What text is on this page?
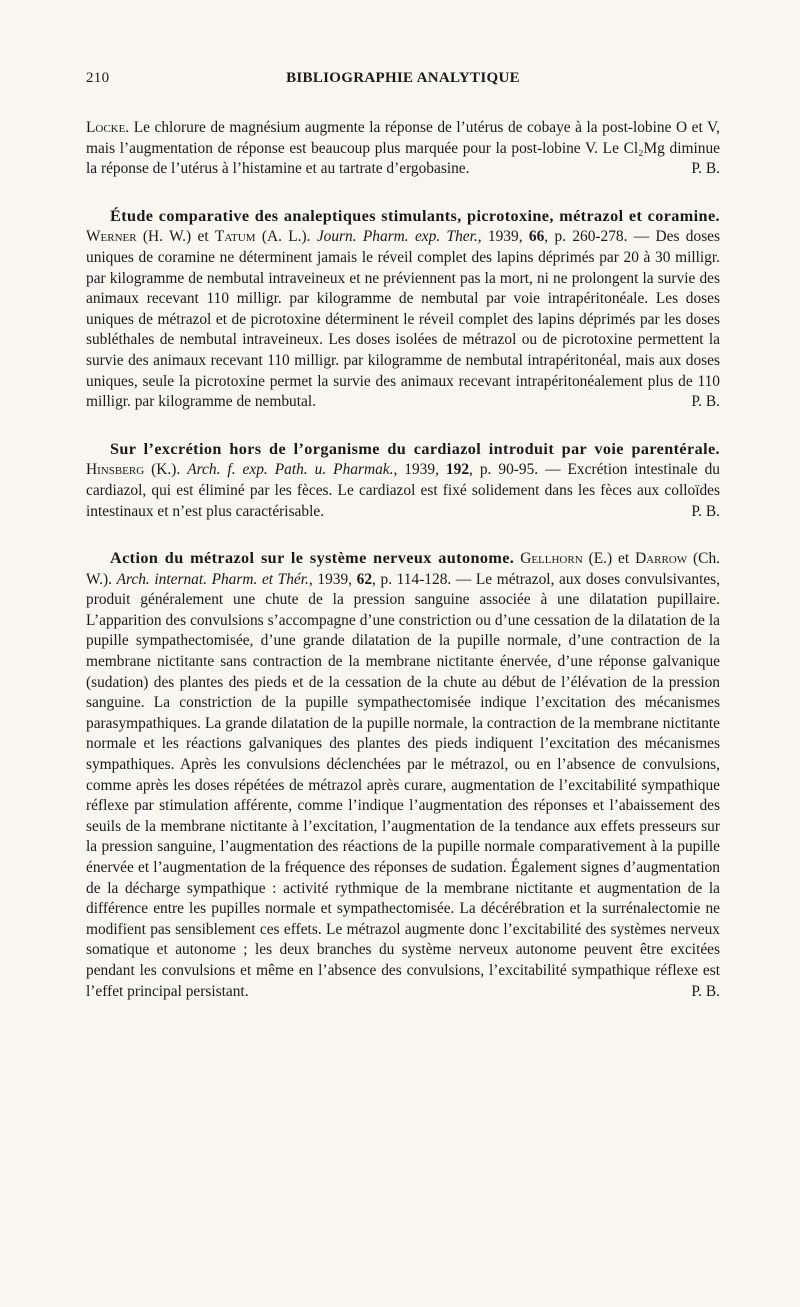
210	BIBLIOGRAPHIE ANALYTIQUE

Locke. Le chlorure de magnésium augmente la réponse de l’utérus de cobaye à la post-lobine O et V, mais l’augmentation de réponse est beaucoup plus marquée pour la post-lobine V. Le Cl₂Mg diminue la réponse de l’utérus à l’histamine et au tartrate d’ergobasine.	P. B.

Étude comparative des analeptiques stimulants, picrotoxine, métrazol et coramine. Werner (H. W.) et Tatum (A. L.). Journ. Pharm. exp. Ther., 1939, 66, p. 260-278. — Des doses uniques de coramine ne déterminent jamais le réveil complet des lapins déprimés par 20 à 30 milligr. par kilogramme de nembutal intraveineux et ne préviennent pas la mort, ni ne prolongent la survie des animaux recevant 110 milligr. par kilogramme de nembutal par voie intrapéritonéale. Les doses uniques de métrazol et de picrotoxine déterminent le réveil complet des lapins déprimés par les doses subléthales de nembutal intraveineux. Les doses isolées de métrazol ou de picrotoxine permettent la survie des animaux recevant 110 milligr. par kilogramme de nembutal intrapéritonéal, mais aux doses uniques, seule la picrotoxine permet la survie des animaux recevant intrapéritonéalement plus de 110 milligr. par kilogramme de nembutal.	P. B.

Sur l’excrétion hors de l’organisme du cardiazol introduit par voie parentérale. Hinsberg (K.). Arch. f. exp. Path. u. Pharmak., 1939, 192, p. 90-95. — Excrétion intestinale du cardiazol, qui est éliminé par les fèces. Le cardiazol est fixé solidement dans les fèces aux colloïdes intestinaux et n’est plus caractérisable.	P. B.

Action du métrazol sur le système nerveux autonome. Gellhorn (E.) et Darrow (Ch. W.). Arch. internat. Pharm. et Thér., 1939, 62, p. 114-128. — Le métrazol, aux doses convulsivantes, produit généralement une chute de la pression sanguine associée à une dilatation pupillaire. L’apparition des convulsions s’accompagne d’une constriction ou d’une cessation de la dilatation de la pupille sympathectomisée, d’une grande dilatation de la pupille normale, d’une contraction de la membrane nictitante sans contraction de la membrane nictitante énervée, d’une réponse galvanique (sudation) des plantes des pieds et de la cessation de la chute au début de l’élévation de la pression sanguine. La constriction de la pupille sympathectomisée indique l’excitation des mécanismes parasympathiques. La grande dilatation de la pupille normale, la contraction de la membrane nictitante normale et les réactions galvaniques des plantes des pieds indiquent l’excitation des mécanismes sympathiques. Après les convulsions déclenchées par le métrazol, ou en l’absence de convulsions, comme après les doses répétées de métrazol après curare, augmentation de l’excitabilité sympathique réflexe par stimulation afférente, comme l’indique l’augmentation des réponses et l’abaissement des seuils de la membrane nictitante à l’excitation, l’augmentation de la tendance aux effets presseurs sur la pression sanguine, l’augmentation des réactions de la pupille normale comparativement à la pupille énervée et l’augmentation de la fréquence des réponses de sudation. Également signes d’augmentation de la décharge sympathique : activité rythmique de la membrane nictitante et augmentation de la différence entre les pupilles normale et sympathectomisée. La décérébration et la surrénalectomie ne modifient pas sensiblement ces effets. Le métrazol augmente donc l’excitabilité des systèmes nerveux somatique et autonome ; les deux branches du système nerveux autonome peuvent être excitées pendant les convulsions et même en l’absence des convulsions, l’excitabilité sympathique réflexe est l’effet principal persistant.	P. B.
